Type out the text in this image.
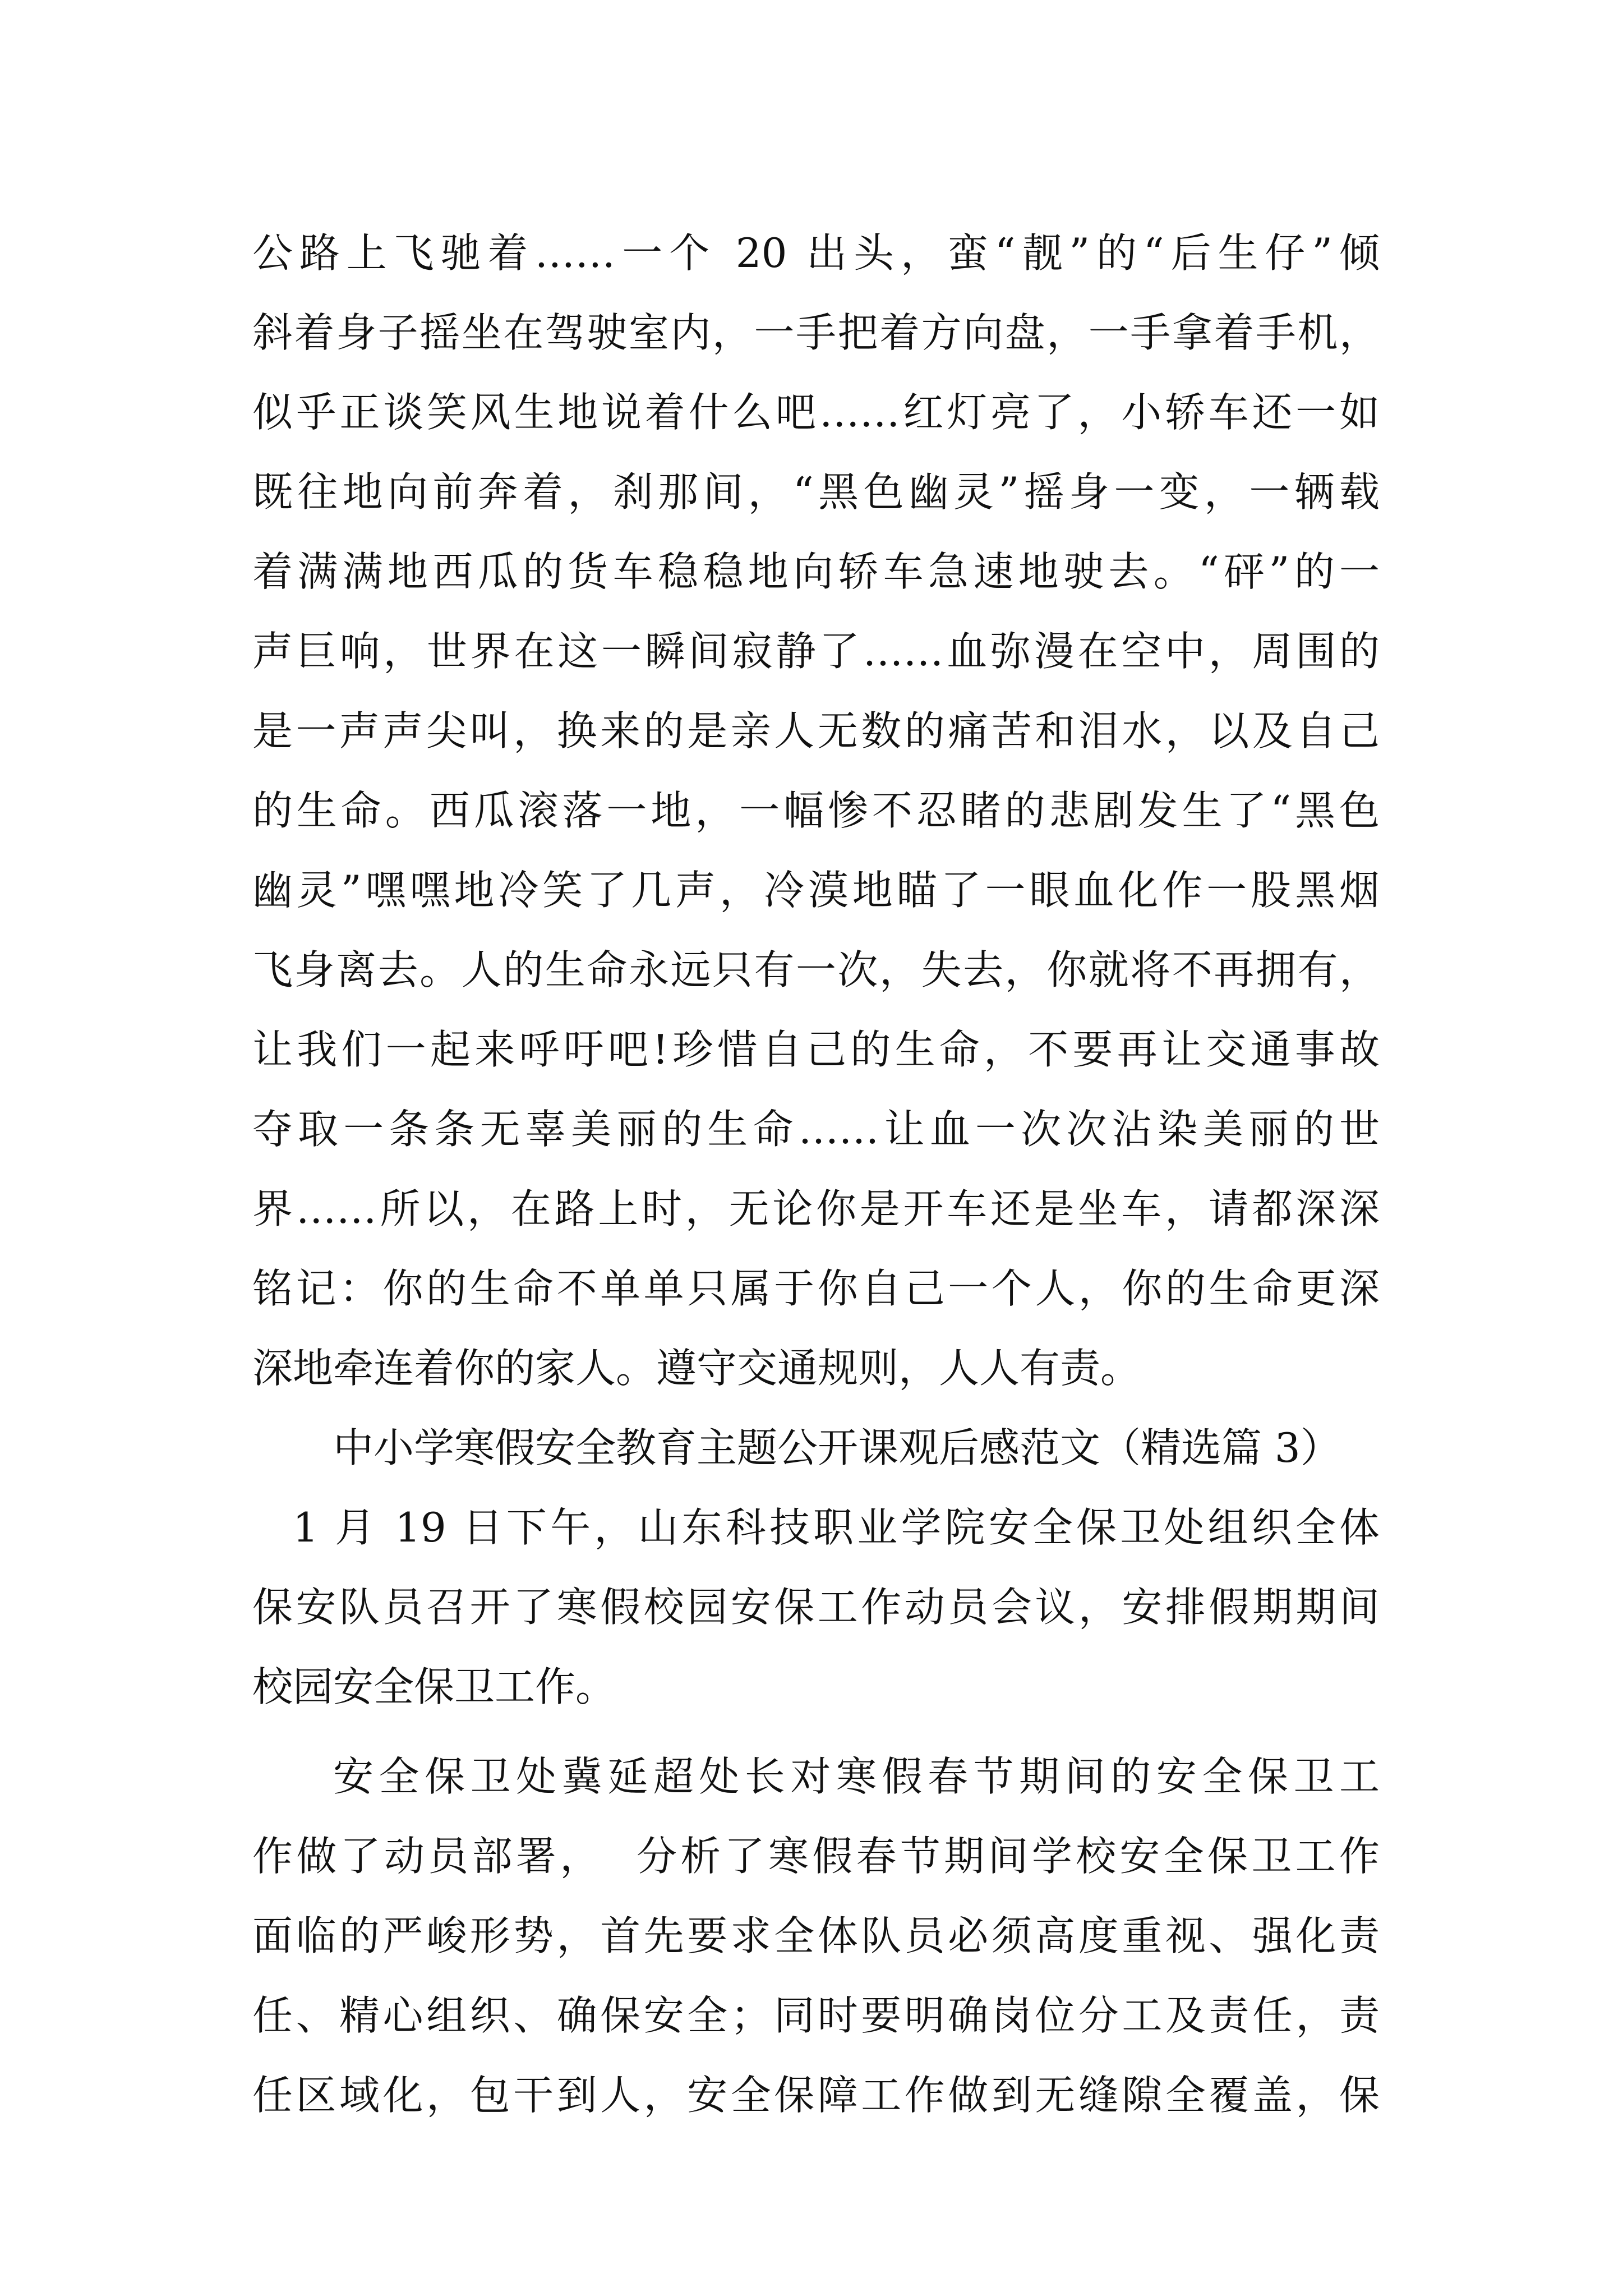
公路上飞驰着……一个 20 出头，蛮“靓”的“后生仔”倾
斜着身子摇坐在驾驶室内，一手把着方向盘，一手拿着手机，
似乎正谈笑风生地说着什么吧……红灯亮了，小轿车还一如
既往地向前奔着，刹那间，“黑色幽灵”摇身一变，一辆载
着满满地西瓜的货车稳稳地向轿车急速地驶去。“砰”的一
声巨响，世界在这一瞬间寂静了……血弥漫在空中，周围的
是一声声尖叫，换来的是亲人无数的痛苦和泪水，以及自己
的生命。西瓜滚落一地，一幅惨不忍睹的悲剧发生了“黑色
幽灵”嘿嘿地冷笑了几声，冷漠地瞄了一眼血化作一股黑烟
飞身离去。人的生命永远只有一次，失去，你就将不再拥有，
让我们一起来呼吁吧!珍惜自己的生命，不要再让交通事故
夺取一条条无辜美丽的生命……让血一次次沾染美丽的世
界……所以，在路上时，无论你是开车还是坐车，请都深深
铭记：你的生命不单单只属于你自己一个人，你的生命更深
深地牵连着你的家人。遵守交通规则，人人有责。
中小学寒假安全教育主题公开课观后感范文（精选篇 3）
1 月 19 日下午，山东科技职业学院安全保卫处组织全体
保安队员召开了寒假校园安保工作动员会议，安排假期期间
校园安全保卫工作。
安全保卫处冀延超处长对寒假春节期间的安全保卫工
作做了动员部署，  分析了寒假春节期间学校安全保卫工作
面临的严峻形势，首先要求全体队员必须高度重视、强化责
任、精心组织、确保安全；同时要明确岗位分工及责任，责
任区域化，包干到人，安全保障工作做到无缝隙全覆盖，保
